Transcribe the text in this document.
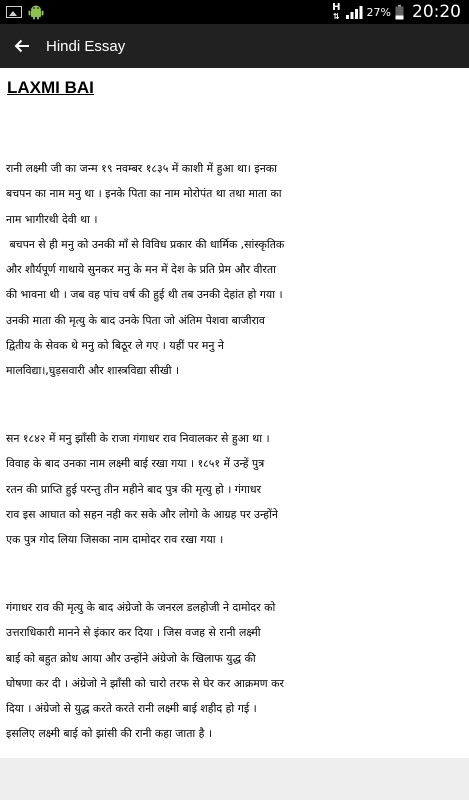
H
⇅ 27% 20:20
Hindi Essay
LAXMI BAI
रानी लक्ष्मी जी का जन्म १९ नवम्बर १८३५ में काशी में हुआ था। इनका
बचपन का नाम मनु था । इनके पिता का नाम मोरोपंत था तथा माता का
नाम भागीरथी देवी था ।
बचपन से ही मनु को उनकी माँ से विविध प्रकार की धार्मिक ,सांस्कृतिक
और शौर्यपूर्ण गाथाये सुनकर मनु के मन में देश के प्रति प्रेम और वीरता
की भावना थी । जब वह पांच वर्ष की हुई थी तब उनकी देहांत हो गया ।
उनकी माता की मृत्यु के बाद उनके पिता जो अंतिम पेशवा बाजीराव
द्वितीय के सेवक थे मनु को बिठूर ले गए । यहीं पर मनु ने
मालविद्या।,घुड़सवारी और शास्त्रविद्या सीखी ।
सन १८४२ में मनु झाँसी के राजा गंगाधर राव निवालकर से हुआ था ।
विवाह के बाद उनका नाम लक्ष्मी बाई रखा गया । १८५१ में उन्हें पुत्र
रतन की प्राप्ति हुई परन्तु तीन महीने बाद पुत्र की मृत्यु हो । गंगाधर
राव इस आघात को सहन नही कर सके और लोगो के आग्रह पर उन्होंने
एक पुत्र गोद लिया जिसका नाम दामोदर राव रखा गया ।
गंगाधर राव की मृत्यु के बाद अंग्रेजो के जनरल डलहोजी ने दामोदर को
उत्तराधिकारी मानने से इंकार कर दिया । जिस वजह से रानी लक्ष्मी
बाई को बहुत क्रोध आया और उन्होंने अंग्रेजो के खिलाफ युद्ध की
घोषणा कर दी । अंग्रेजो ने झाँसी को चारो तरफ से घेर कर आक्रमण कर
दिया । अंग्रेजो से युद्ध करते करते रानी लक्ष्मी बाई शहीद हो गई ।
इसलिए लक्ष्मी बाई को झांसी की रानी कहा जाता है ।
